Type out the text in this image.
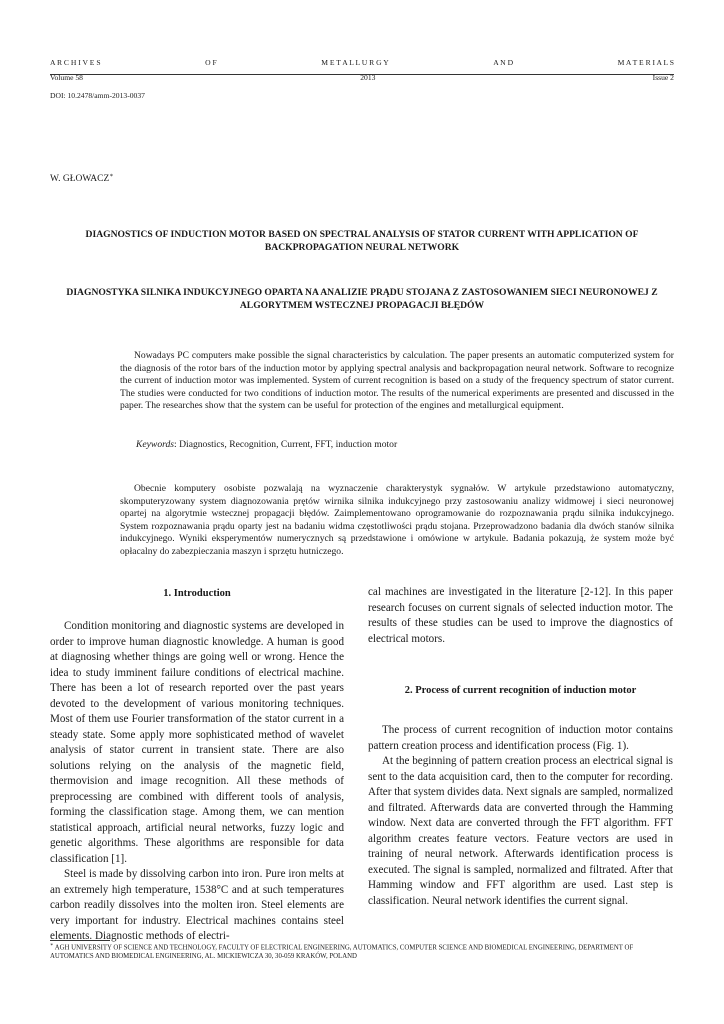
A R C H I V E S	O F	M E T A L L U R G Y	A N D	M A T E R I A L S
Volume 58	2013	Issue 2
DOI: 10.2478/amm-2013-0037
W. GŁOWACZ∗
DIAGNOSTICS OF INDUCTION MOTOR BASED ON SPECTRAL ANALYSIS OF STATOR CURRENT WITH APPLICATION OF BACKPROPAGATION NEURAL NETWORK
DIAGNOSTYKA SILNIKA INDUKCYJNEGO OPARTA NA ANALIZIE PRĄDU STOJANA Z ZASTOSOWANIEM SIECI NEURONOWEJ Z ALGORYTMEM WSTECZNEJ PROPAGACJI BŁĘDÓW

Nowadays PC computers make possible the signal characteristics by calculation. The paper presents an automatic computerized system for the diagnosis of the rotor bars of the induction motor by applying spectral analysis and backpropagation neural network. Software to recognize the current of induction motor was implemented. System of current recognition is based on a study of the frequency spectrum of stator current. The studies were conducted for two conditions of induction motor. The results of the numerical experiments are presented and discussed in the paper. The researches show that the system can be useful for protection of the engines and metallurgical equipment.

Keywords: Diagnostics, Recognition, Current, FFT, induction motor

Obecnie komputery osobiste pozwalają na wyznaczenie charakterystyk sygnałów. W artykule przedstawiono automatyczny, skomputeryzowany system diagnozowania prętów wirnika silnika indukcyjnego przy zastosowaniu analizy widmowej i sieci neuronowej opartej na algorytmie wstecznej propagacji błędów. Zaimplementowano oprogramowanie do rozpoznawania prądu silnika indukcyjnego. System rozpoznawania prądu oparty jest na badaniu widma częstotliwości prądu stojana. Przeprowadzono badania dla dwóch stanów silnika indukcyjnego. Wyniki eksperymentów numerycznych są przedstawione i omówione w artykule. Badania pokazują, że system może być opłacalny do zabezpieczania maszyn i sprzętu hutniczego.

1. Introduction

Condition monitoring and diagnostic systems are developed in order to improve human diagnostic knowledge. A human is good at diagnosing whether things are going well or wrong. Hence the idea to study imminent failure conditions of electrical machine. There has been a lot of research reported over the past years devoted to the development of various monitoring techniques. Most of them use Fourier transformation of the stator current in a steady state. Some apply more sophisticated method of wavelet analysis of stator current in transient state. There are also solutions relying on the analysis of the magnetic field, thermovision and image recognition. All these methods of preprocessing are combined with different tools of analysis, forming the classification stage. Among them, we can mention statistical approach, artificial neural networks, fuzzy logic and genetic algorithms. These algorithms are responsible for data classification [1].

Steel is made by dissolving carbon into iron. Pure iron melts at an extremely high temperature, 1538°C and at such temperatures carbon readily dissolves into the molten iron. Steel elements are very important for industry. Electrical machines contains steel elements. Diagnostic methods of electri-

cal machines are investigated in the literature [2-12]. In this paper research focuses on current signals of selected induction motor. The results of these studies can be used to improve the diagnostics of electrical motors.

2. Process of current recognition of induction motor

The process of current recognition of induction motor contains pattern creation process and identification process (Fig. 1).

At the beginning of pattern creation process an electrical signal is sent to the data acquisition card, then to the computer for recording. After that system divides data. Next signals are sampled, normalized and filtrated. Afterwards data are converted through the Hamming window. Next data are converted through the FFT algorithm. FFT algorithm creates feature vectors. Feature vectors are used in training of neural network. Afterwards identification process is executed. The signal is sampled, normalized and filtrated. After that Hamming window and FFT algorithm are used. Last step is classification. Neural network identifies the current signal.

∗ AGH UNIVERSITY OF SCIENCE AND TECHNOLOGY, FACULTY OF ELECTRICAL ENGINEERING, AUTOMATICS, COMPUTER SCIENCE AND BIOMEDICAL ENGINEERING, DEPARTMENT OF AUTOMATICS AND BIOMEDICAL ENGINEERING, AL. MICKIEWICZA 30, 30-059 KRAKÓW, POLAND
